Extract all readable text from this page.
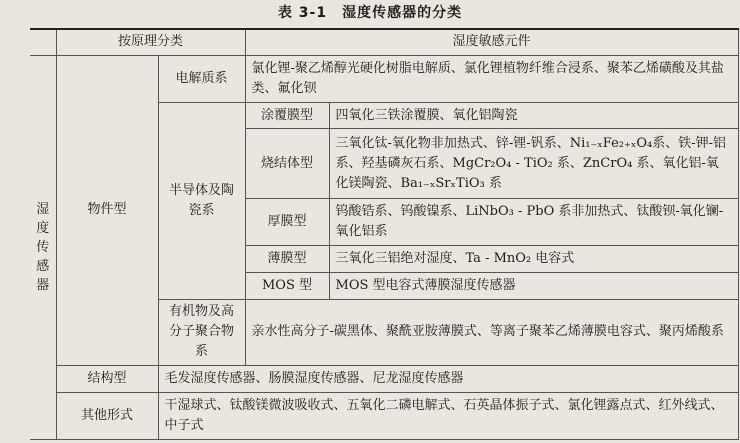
表 3-1　湿度传感器的分类
	按原理分类		湿度敏感元件	
湿
度
传
感
器	物件型	电解质系	氯化锂-聚乙烯醇光硬化树脂电解质、氯化锂植物纤维合浸系、聚苯乙烯磺酸及其盐类、氟化钡	
		半导体及陶瓷系	涂覆膜型	四氧化三铁涂覆膜、氧化铝陶瓷
			烧结体型	三氧化钛-氧化物非加热式、锌-锂-钒系、Ni₁₋ₓFe₂₊ₓO₄系、铁-钾-铝系、羟基磷灰石系、MgCr₂O₄ - TiO₂ 系、ZnCrO₄ 系、氧化铝-氧化镁陶瓷、Ba₁₋ₓSrₓTiO₃ 系
			厚膜型	钨酸锆系、钨酸镍系、LiNbO₃ - PbO 系非加热式、钛酸钡-氧化镧-氧化铝系
			薄膜型	三氧化三铝绝对湿度、Ta - MnO₂ 电容式
			MOS 型	MOS 型电容式薄膜湿度传感器
		有机物及高分子聚合物系	亲水性高分子-碳黑体、聚酰亚胺薄膜式、等离子聚苯乙烯薄膜电容式、聚丙烯酸系	
	结构型	毛发湿度传感器、肠膜湿度传感器、尼龙湿度传感器		
	其他形式	干湿球式、钛酸镁微波吸收式、五氧化二磷电解式、石英晶体振子式、氯化锂露点式、红外线式、中子式		
